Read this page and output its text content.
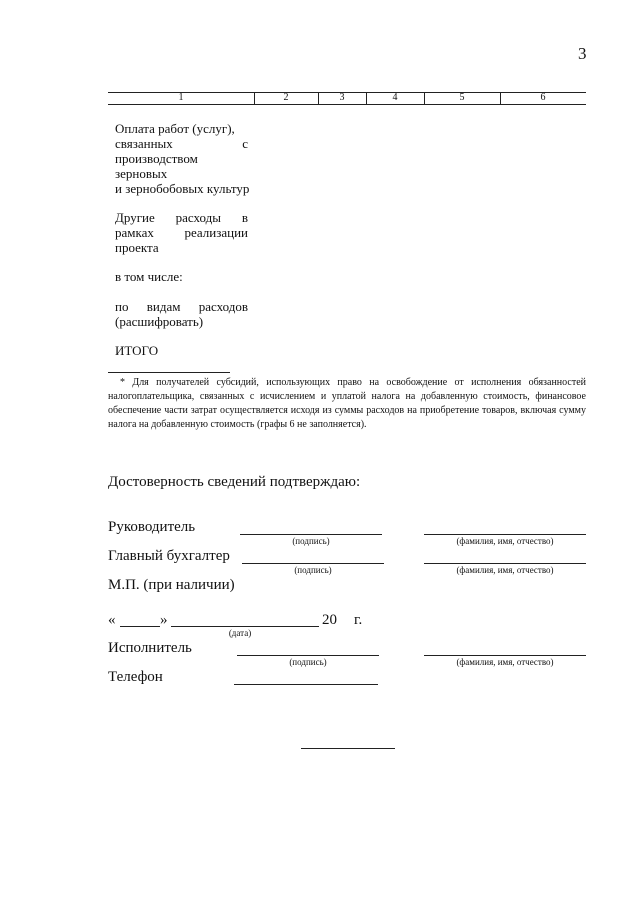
3
1	2	3	4	5	6
Оплата работ (услуг),
связанных	с
производством
зерновых
и зернобобовых культур
Другие расходы в
рамках реализации
проекта
в том числе:
по видам расходов
(расшифровать)
ИТОГО
* Для получателей субсидий, использующих право на освобождение от исполнения обязанностей налогоплательщика, связанных с исчислением и уплатой налога на добавленную стоимость, финансовое обеспечение части затрат осуществляется исходя из суммы расходов на приобретение товаров, включая сумму налога на добавленную стоимость (графы 6 не заполняется).
Достоверность сведений подтверждаю:
Руководитель
(подпись)	(фамилия, имя, отчество)
Главный бухгалтер
(подпись)	(фамилия, имя, отчество)
М.П. (при наличии)
«	»	20 г.
(дата)
Исполнитель
(подпись)	(фамилия, имя, отчество)
Телефон
